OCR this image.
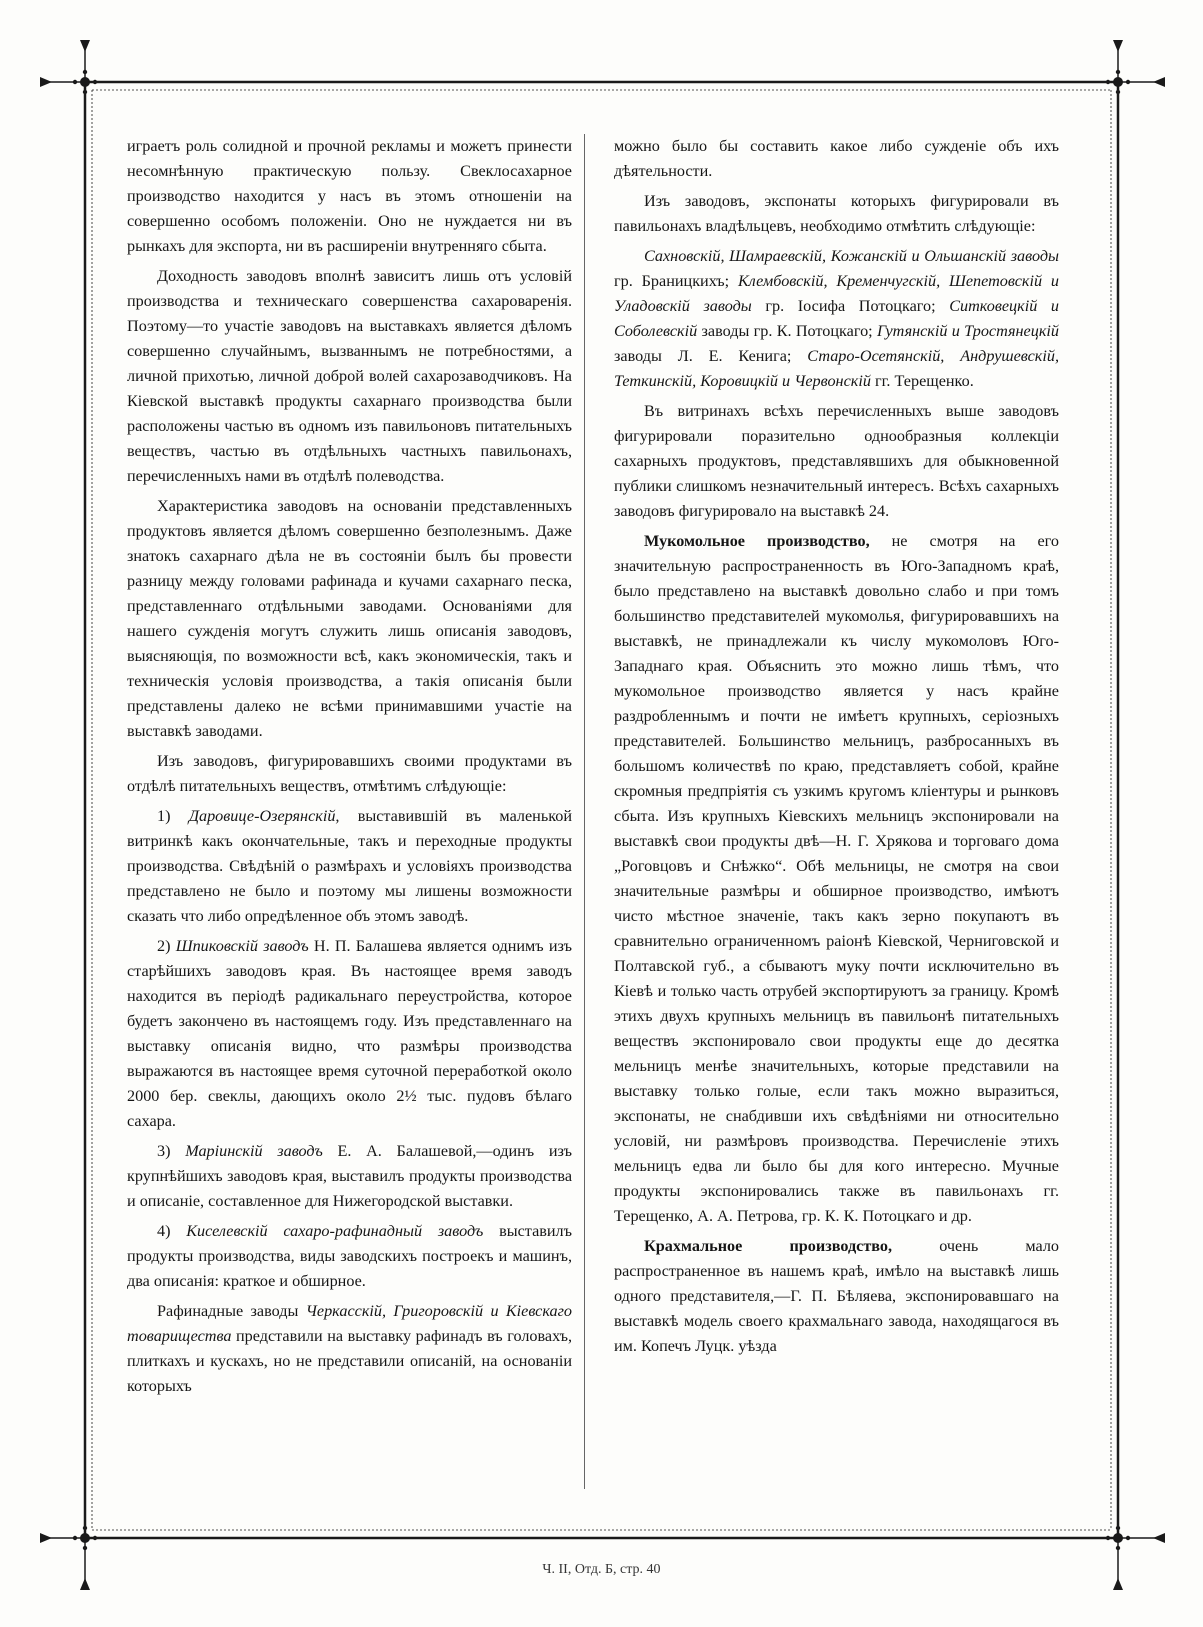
играетъ роль солидной и прочной рекламы и можетъ принести несомнѣнную практическую пользу. Свеклосахарное производство находится у насъ въ этомъ отношеніи на совершенно особомъ положеніи. Оно не нуждается ни въ рынкахъ для экспорта, ни въ расширеніи внутренняго сбыта.

Доходность заводовъ вполнѣ зависитъ лишь отъ условій производства и техническаго совершенства сахароваренія. Поэтому—то участіе заводовъ на выставкахъ является дѣломъ совершенно случайнымъ, вызваннымъ не потребностями, а личной прихотью, личной доброй волей сахарозаводчиковъ. На Кіевской выставкѣ продукты сахарнаго производства были расположены частью въ одномъ изъ павильоновъ питательныхъ веществъ, частью въ отдѣльныхъ частныхъ павильонахъ, перечисленныхъ нами въ отдѣлѣ полеводства.

Характеристика заводовъ на основаніи представленныхъ продуктовъ является дѣломъ совершенно безполезнымъ. Даже знатокъ сахарнаго дѣла не въ состояніи былъ бы провести разницу между головами рафинада и кучами сахарнаго песка, представленнаго отдѣльными заводами. Основаніями для нашего сужденія могутъ служить лишь описанія заводовъ, выясняющія, по возможности всѣ, какъ экономическія, такъ и техническія условія производства, а такія описанія были представлены далеко не всѣми принимавшими участіе на выставкѣ заводами.

Изъ заводовъ, фигурировавшихъ своими продуктами въ отдѣлѣ питательныхъ веществъ, отмѣтимъ слѣдующіе:

1) Даровице-Озерянскій, выставившій въ маленькой витринкѣ какъ окончательные, такъ и переходные продукты производства. Свѣдѣній о размѣрахъ и условіяхъ производства представлено не было и поэтому мы лишены возможности сказать что либо опредѣленное объ этомъ заводѣ.

2) Шпиковскій заводъ Н. П. Балашева является однимъ изъ старѣйшихъ заводовъ края. Въ настоящее время заводъ находится въ періодѣ радикальнаго переустройства, которое будетъ закончено въ настоящемъ году. Изъ представленнаго на выставку описанія видно, что размѣры производства выражаются въ настоящее время суточной переработкой около 2000 бер. свеклы, дающихъ около 2½ тыс. пудовъ бѣлаго сахара.

3) Маріинскій заводъ Е. А. Балашевой,—одинъ изъ крупнѣйшихъ заводовъ края, выставилъ продукты производства и описаніе, составленное для Нижегородской выставки.

4) Киселевскій сахаро-рафинадный заводъ выставилъ продукты производства, виды заводскихъ построекъ и машинъ, два описанія: краткое и обширное.

Рафинадные заводы Черкасскій, Григоровскій и Кіевскаго товарищества представили на выставку рафинадъ въ головахъ, плиткахъ и кускахъ, но не представили описаній, на основаніи которыхъ

можно было бы составить какое либо сужденіе объ ихъ дѣятельности.

Изъ заводовъ, экспонаты которыхъ фигурировали въ павильонахъ владѣльцевъ, необходимо отмѣтить слѣдующіе:

Сахновскій, Шамраевскій, Кожанскій и Ольшанскій заводы гр. Браницкихъ; Клембовскій, Кременчугскій, Шепетовскій и Уладовскій заводы гр. Іосифа Потоцкаго; Ситковецкій и Соболевскій заводы гр. К. Потоцкаго; Гутянскій и Тростянецкій заводы Л. Е. Кенига; Старо-Осетянскій, Андрушевскій, Теткинскій, Коровицкій и Червонскій гг. Терещенко.

Въ витринахъ всѣхъ перечисленныхъ выше заводовъ фигурировали поразительно однообразныя коллекціи сахарныхъ продуктовъ, представлявшихъ для обыкновенной публики слишкомъ незначительный интересъ. Всѣхъ сахарныхъ заводовъ фигурировало на выставкѣ 24.

Мукомольное производство, не смотря на его значительную распространенность въ Юго-Западномъ краѣ, было представлено на выставкѣ довольно слабо и при томъ большинство представителей мукомолья, фигурировавшихъ на выставкѣ, не принадлежали къ числу мукомоловъ Юго-Западнаго края. Объяснить это можно лишь тѣмъ, что мукомольное производство является у насъ крайне раздробленнымъ и почти не имѣетъ крупныхъ, серіозныхъ представителей. Большинство мельницъ, разбросанныхъ въ большомъ количествѣ по краю, представляетъ собой, крайне скромныя предпріятія съ узкимъ кругомъ кліентуры и рынковъ сбыта. Изъ крупныхъ Кіевскихъ мельницъ экспонировали на выставкѣ свои продукты двѣ—Н. Г. Хрякова и торговаго дома „Роговцовъ и Снѣжко“. Обѣ мельницы, не смотря на свои значительные размѣры и обширное производство, имѣютъ чисто мѣстное значеніе, такъ какъ зерно покупаютъ въ сравнительно ограниченномъ раіонѣ Кіевской, Черниговской и Полтавской губ., а сбываютъ муку почти исключительно въ Кіевѣ и только часть отрубей экспортируютъ за границу. Кромѣ этихъ двухъ крупныхъ мельницъ въ павильонѣ питательныхъ веществъ экспонировало свои продукты еще до десятка мельницъ менѣе значительныхъ, которые представили на выставку только голые, если такъ можно выразиться, экспонаты, не снабдивши ихъ свѣдѣніями ни относительно условій, ни размѣровъ производства. Перечисленіе этихъ мельницъ едва ли было бы для кого интересно. Мучные продукты экспонировались также въ павильонахъ гг. Терещенко, А. А. Петрова, гр. К. К. Потоцкаго и др.

Крахмальное производство,	очень мало распространенное въ нашемъ краѣ, имѣло на выставкѣ лишь одного представителя,—Г. П. Бѣляева, экспонировавшаго на выставкѣ модель своего крахмальнаго завода, находящагося въ им. Копечъ Луцк. уѣзда

Ч. II, Отд. Б, стр. 40
